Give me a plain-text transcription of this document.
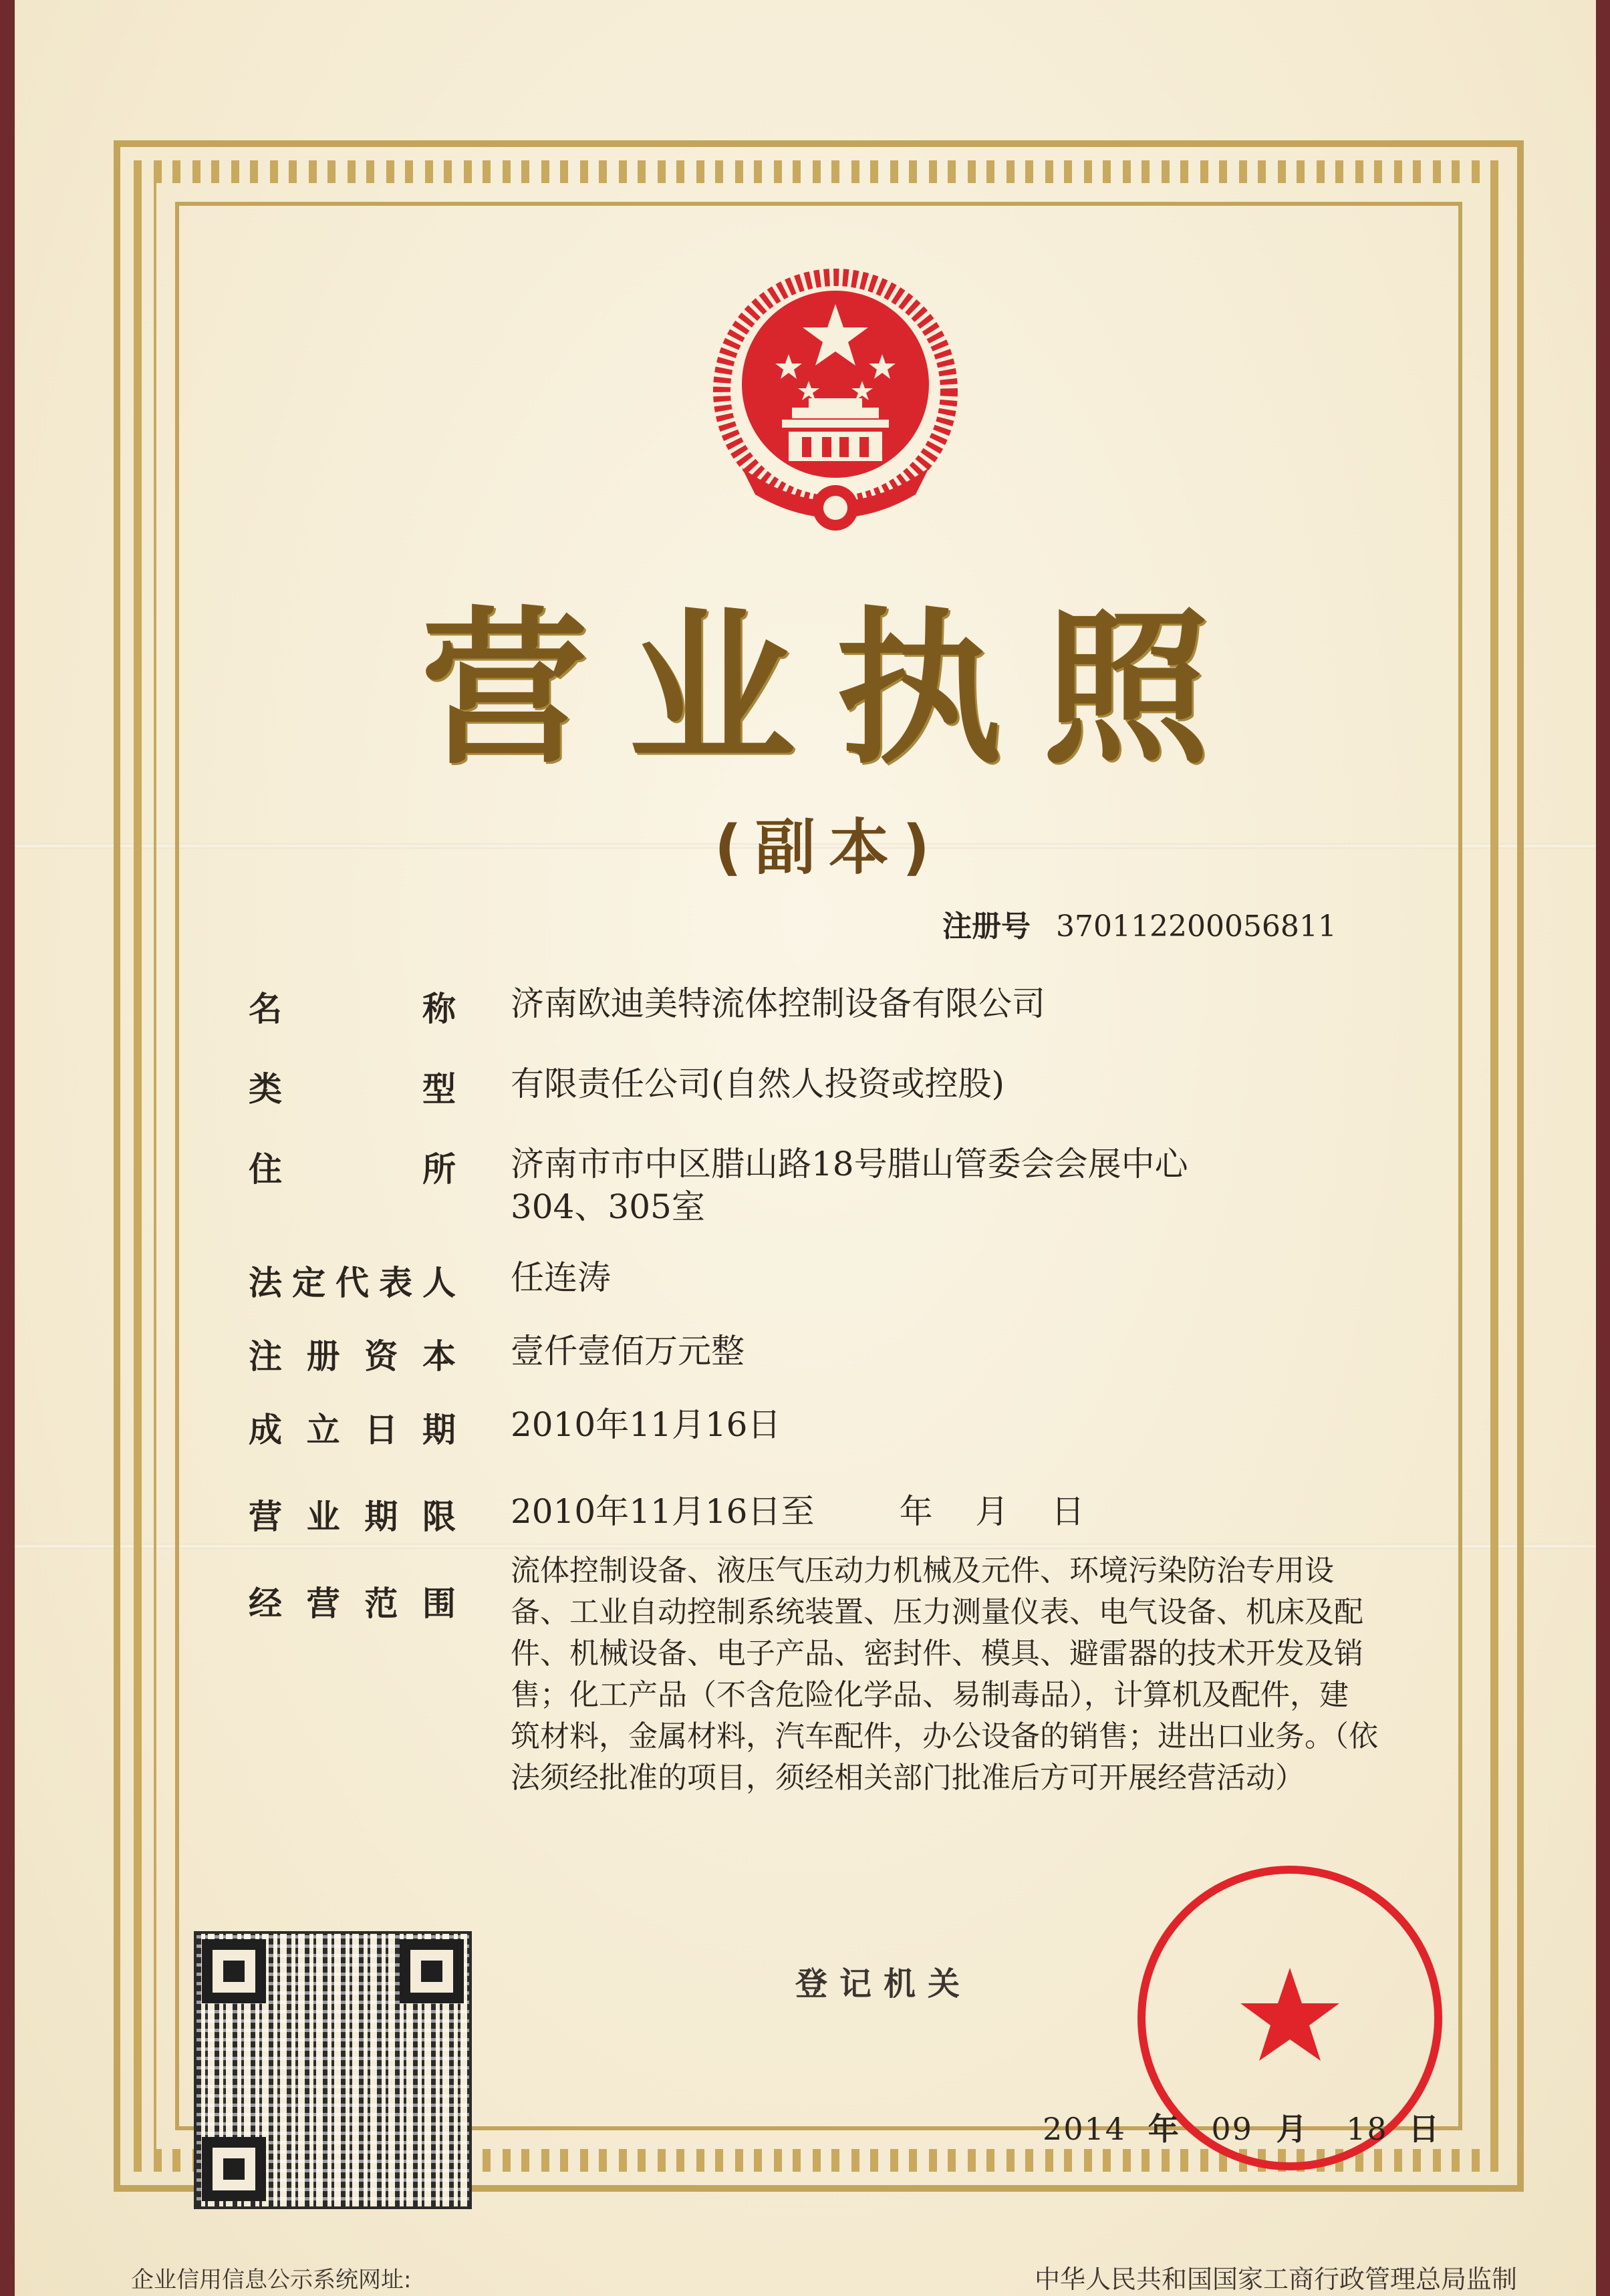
营业执照
(副本)
注册号 370112200056811
名	称 济南欧迪美特流体控制设备有限公司
类	型 有限责任公司(自然人投资或控股)
住	所 济南市市中区腊山路18号腊山管委会会展中心
304、305室
法 定 代 表 人 任连涛
注 册 资 本 壹仟壹佰万元整
成 立 日 期 2010年11月16日
营 业 期 限 2010年11月16日至        年    月    日
经 营 范 围
流体控制设备、液压气压动力机械及元件、环境污染防治专用设
备、工业自动控制系统装置、压力测量仪表、电气设备、机床及配
件、机械设备、电子产品、密封件、模具、避雷器的技术开发及销
售；化工产品（不含危险化学品、易制毒品），计算机及配件，建
筑材料，金属材料，汽车配件，办公设备的销售；进出口业务。（依
法须经批准的项目，须经相关部门批准后方可开展经营活动）
登记机关
2014 年 09 月 18 日
企业信用信息公示系统网址:	中华人民共和国国家工商行政管理总局监制
